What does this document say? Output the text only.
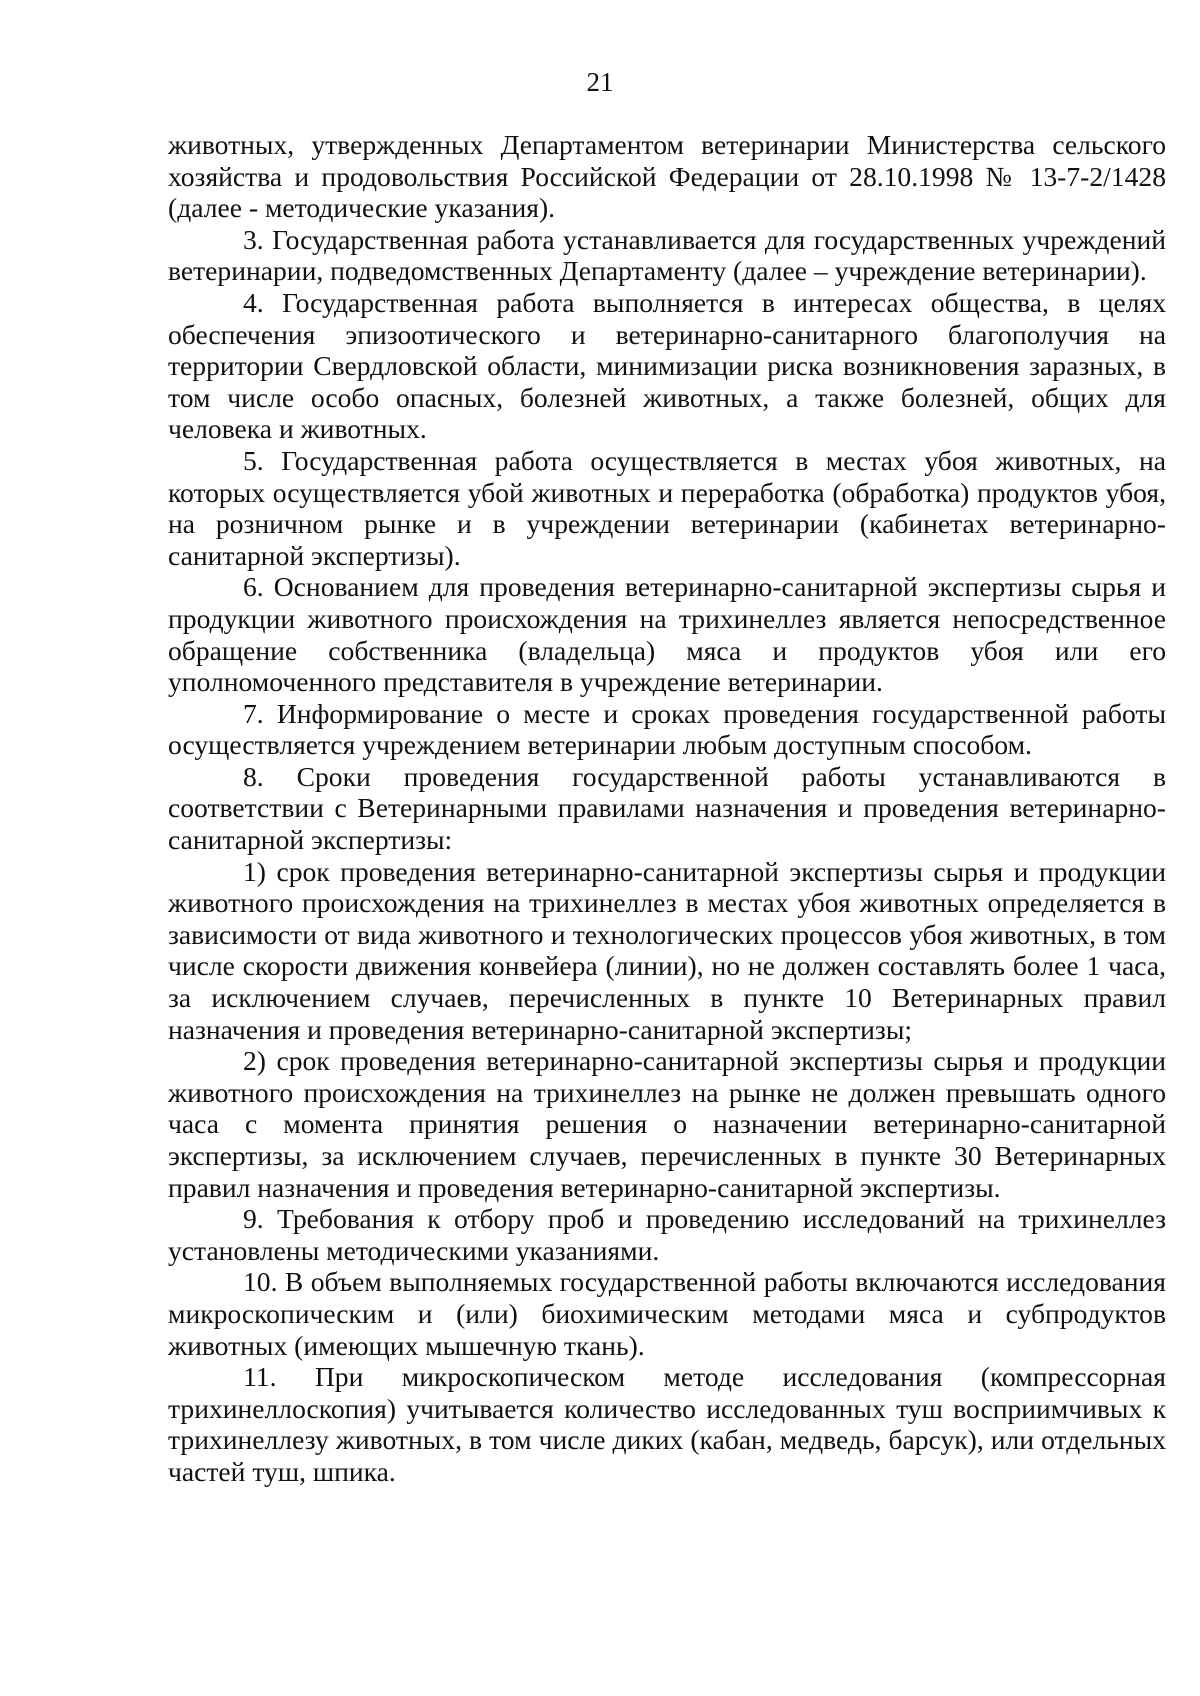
21

животных, утвержденных Департаментом ветеринарии Министерства сельского хозяйства и продовольствия Российской Федерации от 28.10.1998 № 13-7-2/1428 (далее - методические указания).

3. Государственная работа устанавливается для государственных учреждений ветеринарии, подведомственных Департаменту (далее – учреждение ветеринарии).

4. Государственная работа выполняется в интересах общества, в целях обеспечения эпизоотического и ветеринарно-санитарного благополучия на территории Свердловской области, минимизации риска возникновения заразных, в том числе особо опасных, болезней животных, а также болезней, общих для человека и животных.

5. Государственная работа осуществляется в местах убоя животных, на которых осуществляется убой животных и переработка (обработка) продуктов убоя, на розничном рынке и в учреждении ветеринарии (кабинетах ветеринарно-санитарной экспертизы).

6. Основанием для проведения ветеринарно-санитарной экспертизы сырья и продукции животного происхождения на трихинеллез является непосредственное обращение собственника (владельца) мяса и продуктов убоя или его уполномоченного представителя в учреждение ветеринарии.

7. Информирование о месте и сроках проведения государственной работы осуществляется учреждением ветеринарии любым доступным способом.

8. Сроки проведения государственной работы устанавливаются в соответствии с Ветеринарными правилами назначения и проведения ветеринарно-санитарной экспертизы:

1) срок проведения ветеринарно-санитарной экспертизы сырья и продукции животного происхождения на трихинеллез в местах убоя животных определяется в зависимости от вида животного и технологических процессов убоя животных, в том числе скорости движения конвейера (линии), но не должен составлять более 1 часа, за исключением случаев, перечисленных в пункте 10 Ветеринарных правил назначения и проведения ветеринарно-санитарной экспертизы;

2) срок проведения ветеринарно-санитарной экспертизы сырья и продукции животного происхождения на трихинеллез на рынке не должен превышать одного часа с момента принятия решения о назначении ветеринарно-санитарной экспертизы, за исключением случаев, перечисленных в пункте 30 Ветеринарных правил назначения и проведения ветеринарно-санитарной экспертизы.

9. Требования к отбору проб и проведению исследований на трихинеллез установлены методическими указаниями.

10. В объем выполняемых государственной работы включаются исследования микроскопическим и (или) биохимическим методами мяса и субпродуктов животных (имеющих мышечную ткань).

11. При микроскопическом методе исследования (компрессорная трихинеллоскопия) учитывается количество исследованных туш восприимчивых к трихинеллезу животных, в том числе диких (кабан, медведь, барсук), или отдельных частей туш, шпика.
